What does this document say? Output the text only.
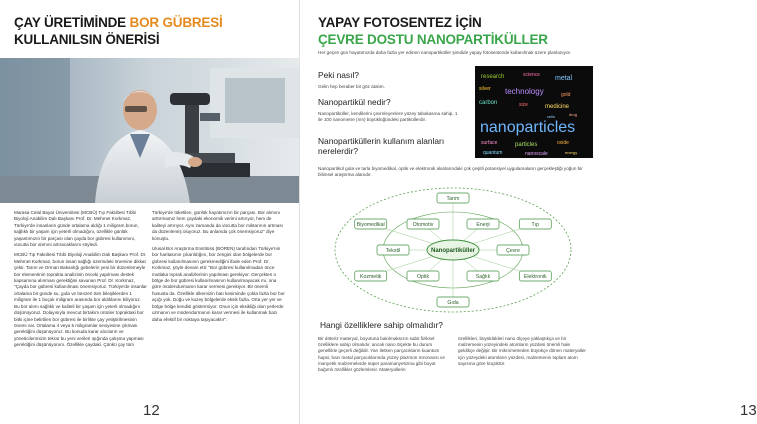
ÇAY ÜRETİMİNDE BOR GÜBRESİ
KULLANILSIN ÖNERİSİ

Marasa Celal Bayar Üniversitesi (MCBÜ) Tıp Fakültesi Tıbbi Biyoloji Anabilim Dalı Başkanı Prof. Dr. Mehmet Korkmaz, Türkiye'de insanların günde ortalama aldığı 1 miligram borun, sağlıklı bir yaşam için yeterli olmadığını, özellikle günlük yaşantımızın bir parçası olan çayda bor gübresi kullanımını, vücutta bor alımını artıracaklarını söyledi.

MCBÜ Tıp Fakültesi Tıbbi Biyoloji Anabilim Dalı Başkanı Prof. Dr. Mehmet Korkmaz, borun insan sağlığı üzerindeki önemine dikkat çekti. Tarım ve Orman Bakanlığı gebelerin yeni bir düzenlemeyle bor elementinin toprakta analizinin önceki yapılması destek kapsamına alınması gerektiğini savunan Prof. Dr. Korkmaz, "Çayda bor gübresi kullanılması önemsiyoruz. Türkiye'de insanlar ortalama bir günde su, gıda ve benzeri tüm bileşiklerden 1 miligram ile 1 buçuk miligram arasında bor aldıklarını biliyoruz. Bu bor alımı sağlıklı ve kaliteli bir yaşam için yeterli olmadığını düşünüyoruz. Dolayısıyla mevcut birtakım ürünler topraktaki bor bitki içine belirtilen bor gübresi ile birlikte çay yetiştirilmesinin önemi var. Ortalama 4 veya 5 miligramlar seviyesine çıkması gerektiğini düşünüyoruz. Bu konuda karar alıcıların ve yöneticilerimizin tekrar bu yeni verileri ışığında çalışma yapması gerektiğini düşünüyorum. Özellikle çaydaki. Çünkü çay tüm

Türkiye'de tüketilen, günlük hayatımızın bir parçası. Bor alımını arttırmamız hem çaydaki ekonomik verimi artırıyor, hem de kaliteyi artırıyor. Aynı zamanda da vücutta bor miktarının artması da düzenlemiş oluyoruz. Bu anlamda çok önemsiyoruz" diye konuştu.

Ulusal Bor Araştırma Enstitüsü (BOREN) tarafından Türkiye'nin bor haritasının çıkarıldığını, bor zengini olan bölgelerde bor gübresi kullanılmasının gerekmediğini ifade eden Prof. Dr. Korkmaz, şöyle devam etti: "Bor gübresi kullanılmadan önce mutlaka toprak analizlerinin yapılması gerekiyor. Gerçekten o bölge de bor gübresi kullanılmasının kullanılmayacak mı, ona göre müdendurmanın karar vermesi gerekiyor. Bir önemli hususta da. Özellikle ülkemizin batı kesiminde çokta fazla bor bor açığı yok. Doğu ve kuzey bölgelerde eksik fazla. Orta yer yer ve bölge bölge kendisi göstermiyor. Onun için eksikliği olan yerlerde uzmanın ve müdendurmanın karar vermesi ile kullanmak bazı daha efektif bir noktaya taşıyacaktır".

12
YAPAY FOTOSENTEZ İÇİN
ÇEVRE DOSTU NANOPARTİKÜLLER
Her geçen gün hayatımızda daha fazla yer edinen nanopartiküller şimdide yapay fotosentezde kullanılmak üzere planlanıyor.
Peki nasıl?
Gelin hep beraber bir göz atalım.
Nanopartikül nedir?
Nanopartiküller, kendilerini çevreleyenlere yüzey tabakasına sahip, 1 ile 100 nanometre (nm) büyüklüğündeki partiküllerdir.
Nanopartiküllerin kullanım alanları nerelerdir?
Nanopartikül gıda ve tarla biyomedikal, optik ve elektronik alanlarındaki çok çeşitli potansiyel uygulamaların gerçekleştiği yoğun bir bilimsel araştırma alanıdır.
research	science metal
silver technology	gold
carbon	size	medicine
nanoparticles
surface	particles	oxide
quantum	nanoscale	energy
cells	drug
Tarım
Enerji	Tıp
Çevre
Elektronik
Sağlık
Gıda
Optik
Kozmetik
Tekstil
Biyomedikal	Otomotiv
Nanopartiküller
Hangi özelliklere sahip olmalıdır?
Bir döteriz materyal, boyutuna bakılmaksızın sabit fiziksel özelliklere sahip olmalıdır, ancak nano ölçekte bu durum genellikle geçerli değildir. Yarı iletken parçacıkların kuantum hapsi, bazı metal parçacıklarında yüzey plazmon rezonansı ve manyetik malzemelerde süper paramanyetizma gibi boyut bağımlı özellikler gözlemlenir. Materyallerin
özellikleri, büyüklükleri nano ölçeye yaklaştıkça ve bir malzemenin yüzeyindeki atomların yüzdesi önemli hale geldikçe değişir. Bir mikrometreden büyükçe dönen materyaller için yüzeydeki atomların yüzdesi, malzemenin toplam atom sayısına göre küçüktür.
13
